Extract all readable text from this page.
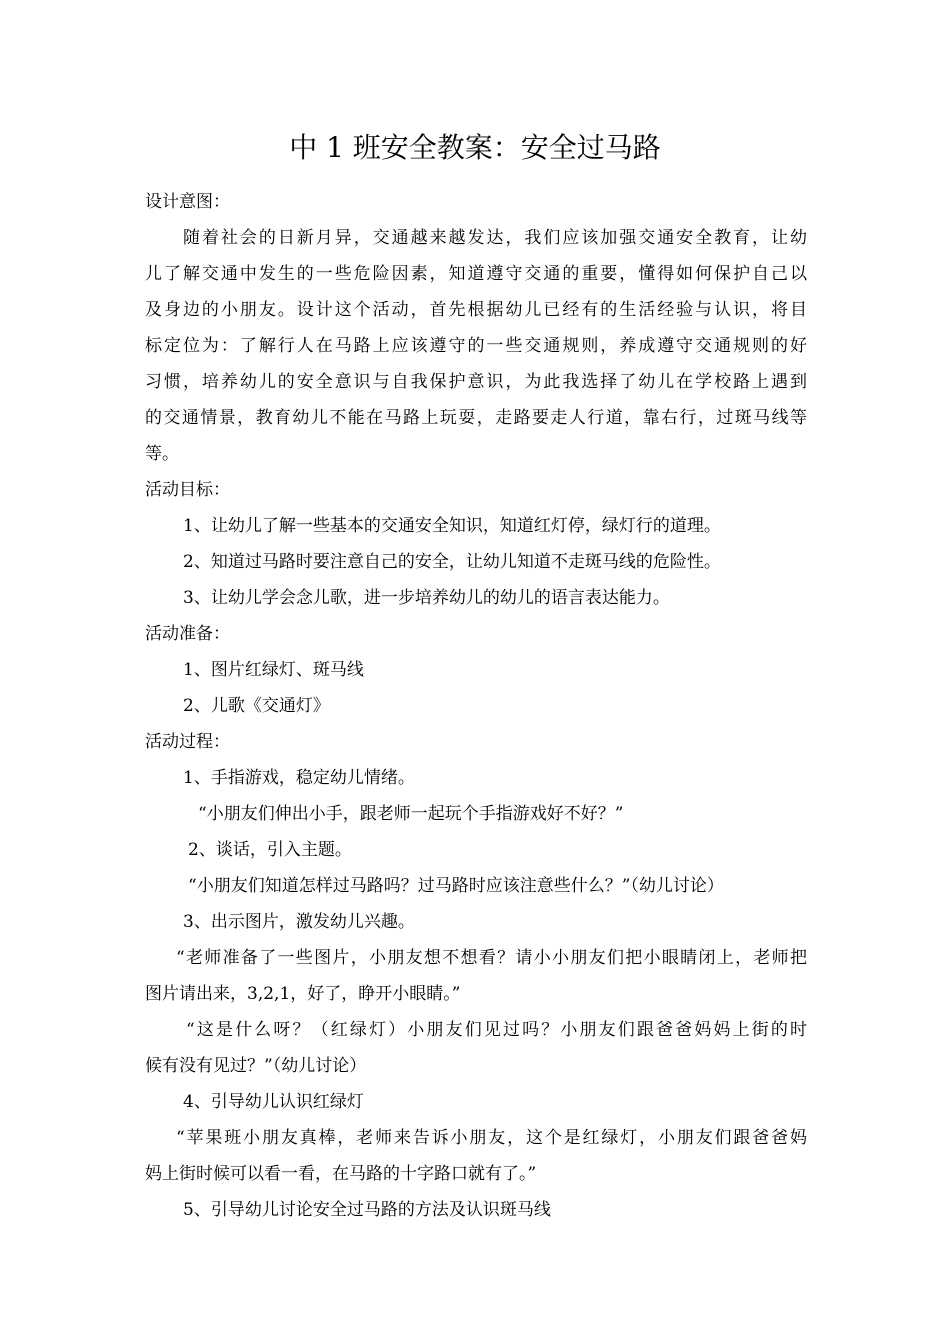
中 1 班安全教案：安全过马路
设计意图：
随着社会的日新月异，交通越来越发达，我们应该加强交通安全教育，让幼
儿了解交通中发生的一些危险因素，知道遵守交通的重要，懂得如何保护自己以
及身边的小朋友。设计这个活动，首先根据幼儿已经有的生活经验与认识，将目
标定位为：了解行人在马路上应该遵守的一些交通规则，养成遵守交通规则的好
习惯，培养幼儿的安全意识与自我保护意识，为此我选择了幼儿在学校路上遇到
的交通情景，教育幼儿不能在马路上玩耍，走路要走人行道，靠右行，过斑马线等
等。
活动目标：
1、让幼儿了解一些基本的交通安全知识，知道红灯停，绿灯行的道理。
2、知道过马路时要注意自己的安全，让幼儿知道不走斑马线的危险性。
3、让幼儿学会念儿歌，进一步培养幼儿的幼儿的语言表达能力。
活动准备：
1、图片红绿灯、斑马线
2、儿歌《交通灯》
活动过程：
1、手指游戏，稳定幼儿情绪。
“小朋友们伸出小手，跟老师一起玩个手指游戏好不好？”
2、谈话，引入主题。
“小朋友们知道怎样过马路吗？过马路时应该注意些什么？”（幼儿讨论）
3、出示图片，激发幼儿兴趣。
“老师准备了一些图片，小朋友想不想看？请小小朋友们把小眼睛闭上，老师把
图片请出来，3,2,1，好了，睁开小眼睛。”
“这是什么呀？（红绿灯）小朋友们见过吗？小朋友们跟爸爸妈妈上街的时
候有没有见过？”（幼儿讨论）
4、引导幼儿认识红绿灯
“苹果班小朋友真棒，老师来告诉小朋友，这个是红绿灯，小朋友们跟爸爸妈
妈上街时候可以看一看，在马路的十字路口就有了。”
5、引导幼儿讨论安全过马路的方法及认识斑马线
